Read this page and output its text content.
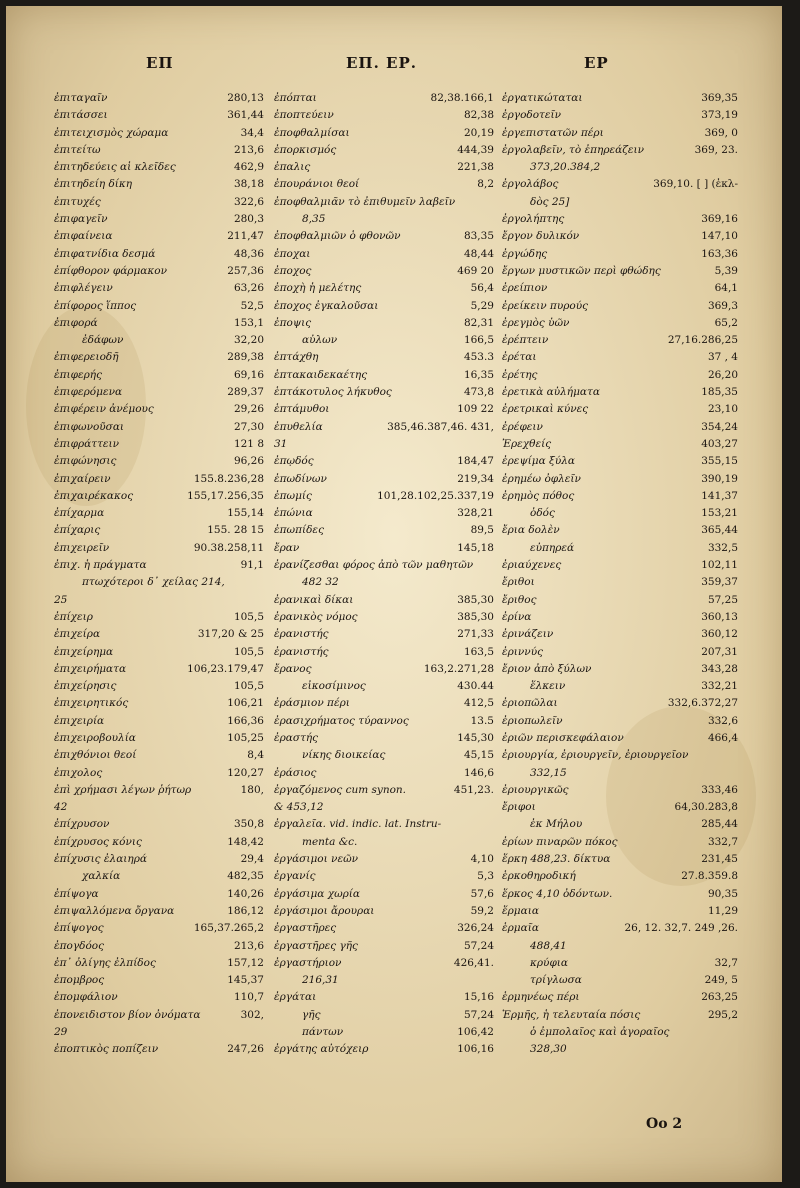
ΕΠ	ΕΠ. ΕΡ.	ΕΡ
ἐπιταγαῖν	280,13
ἐπιτάσσει	361,44
ἐπιτειχισμὸς χώραμα	34,4
ἐπιτείτω	213,6
ἐπιτηδεύεις αἱ κλεῖδες	462,9
ἐπιτηδείη δίκη	38,18
ἐπιτυχές	322,6
ἐπιφαγεῖν	280,3
ἐπιφαίνεια	211,47
ἐπιφατνίδια δεσμά	48,36
ἐπίφθορον φάρμακον	257,36
ἐπιφλέγειν	63,26
ἐπίφορος ἵππος	52,5
ἐπιφορά	153,1
ἐδάφων	32,20
ἐπιφερειοδῆ	289,38
ἐπιφερής	69,16
ἐπιφερόμενα	289,37
ἐπιφέρειν ἀνέμους	29,26
ἐπιφωνοῦσαι	27,30
ἐπιφράττειν	121 8
ἐπιφώνησις	96,26
ἐπιχαίρειν	155.8.236,28
ἐπιχαιρέκακος	155,17.256,35
ἐπίχαρμα	155,14
ἐπίχαρις	155. 28 15
ἐπιχειρεῖν	90.38.258,11
ἐπιχ. ἡ πράγματα	91,1
πτωχότεροι δ᾽ χείλας 214,
25
ἐπίχειρ	105,5
ἐπιχείρα	317,20 & 25
ἐπιχείρημα	105,5
ἐπιχειρήματα	106,23.179,47
ἐπιχείρησις	105,5
ἐπιχειρητικός	106,21
ἐπιχειρία	166,36
ἐπιχειροβουλία	105,25
ἐπιχθόνιοι θεοί	8,4
ἐπιχολος	120,27
ἐπὶ χρήμασι λέγων ῥήτωρ	180,
42
ἐπίχρυσον	350,8
ἐπίχρυσος κόνις	148,42
ἐπίχυσις ἐλαιηρά	29,4
χαλκία	482,35
ἐπίψογα	140,26
ἐπιψαλλόμενα ὄργανα	186,12
ἐπίψογος	165,37.265,2
ἐπογδόος	213,6
ἐπ᾽ ὀλίγης ἐλπίδος	157,12
ἐπομβρος	145,37
ἐπομφάλιον	110,7
ἐπονειδιστον βίον ὀνόματα	302,
29
ἐποπτικὸς ποπίζειν	247,26
ἐπόπται	82,38.166,1
ἐποπτεύειν	82,38
ἐποφθαλμίσαι	20,19
ἐπορκισμός	444,39
ἐπαλις	221,38
ἐπουράνιοι θεοί	8,2
ἐποφθαλμιᾶν τὸ ἐπιθυμεῖν λαβεῖν
8,35
ἐποφθαλμιῶν ὁ φθονῶν	83,35
ἐποχαι	48,44
ἐποχος	469 20
ἐποχὴ ἡ μελέτης	56,4
ἐποχος ἐγκαλοῦσαι	5,29
ἐποψις	82,31
αὐλων	166,5
ἐπτάχθη	453.3
ἑπτακαιδεκαέτης	16,35
ἑπτάκοτυλος λήκυθος	473,8
ἑπτάμυθοι	109 22
ἐπυθελία	385,46.387,46. 431,
31
ἐπῳδός	184,47
ἐπωδίνων	219,34
ἐπωμίς	101,28.102,25.337,19
ἐπώνια	328,21
ἐπωπίδες	89,5
ἔραν	145,18
ἐρανίζεσθαι φόρος ἀπὸ τῶν μαθητῶν
482 32
ἐρανικαὶ δίκαι	385,30
ἐρανικὸς νόμος	385,30
ἐρανιστής	271,33
ἐρανιστής	163,5
ἔρανος	163,2.271,28
εἰκοσίμινος	430.44
ἐράσμιον πέρι	412,5
ἐρασιχρήματος τύραννος	13.5
ἐραστής	145,30
νίκης διοικείας	45,15
ἐράσιος	146,6
ἐργαζόμενος cum synon.	451,23.
& 453,12
ἐργαλεῖα. vid. indic. lat. Instru-
menta &c.
ἐργάσιμοι νεῶν	4,10
ἐργανίς	5,3
ἐργάσιμα χωρία	57,6
ἐργάσιμοι ἄρουραι	59,2
ἐργαστῆρες	326,24
ἐργαστῆρες γῆς	57,24
ἐργαστήριον	426,41.
216,31
ἐργάται	15,16
γῆς	57,24
πάντων	106,42
ἐργάτης αὐτόχειρ	106,16
ἐργατικώταται	369,35
ἐργοδοτεῖν	373,19
ἐργεπιστατῶν πέρι	369, 0
ἐργολαβεῖν, τὸ ἐπηρεάζειν	369, 23.
373,20.384,2
ἐργολάβος	369,10. [ ] (ἐκλ-
δὸς 25]
ἐργολήπτης	369,16
ἔργον δυλικόν	147,10
ἐργώδης	163,36
ἔργων μυστικῶν περὶ φθώδης	5,39
ἐρείπιον	64,1
ἐρείκειν πυρούς	369,3
ἐρεγμὸς ὑῶν	65,2
ἐρέπτειν	27,16.286,25
ἐρέται	37 , 4
ἐρέτης	26,20
ἐρετικὰ αὐλήματα	185,35
ἐρετρικαὶ κύνες	23,10
ἐρέφειν	354,24
Ἐρεχθείς	403,27
ἐρεψίμα ξύλα	355,15
ἐρημέω ὀφλεῖν	390,19
ἐρημὸς πόθος	141,37
ὁδός	153,21
ἔρια δολὲν	365,44
εὐπηρεά	332,5
ἐριαύχενες	102,11
ἔριθοι	359,37
ἔριθος	57,25
ἐρίνα	360,13
ἐρινάζειν	360,12
ἐριννύς	207,31
ἔριον ἀπὸ ξύλων	343,28
ἕλκειν	332,21
ἐριοπῶλαι	332,6.372,27
ἐριοπωλεῖν	332,6
ἐριῶν περισκεφάλαιον	466,4
ἐριουργία, ἐριουργεῖν, ἐριουργεῖον
332,15
ἐριουργικῶς	333,46
ἔριφοι	64,30.283,8
ἐκ Μήλου	285,44
ἐρίων πιναρῶν πόκος	332,7
ἕρκη 488,23. δίκτυα	231,45
ἑρκοθηροδική	27.8.359.8
ἕρκος 4,10 ὀδόντων.	90,35
ἕρμαια	11,29
ἑρμαῖα	26, 12. 32,7. 249 ,26.
488,41
κρύφια	32,7
τρίγλωσα	249, 5
ἑρμηνέως πέρι	263,25
Ἑρμῆς, ἡ τελευταία πόσις	295,2
ὁ ἐμπολαῖος καὶ ἀγοραῖος
328,30
Oo 2
